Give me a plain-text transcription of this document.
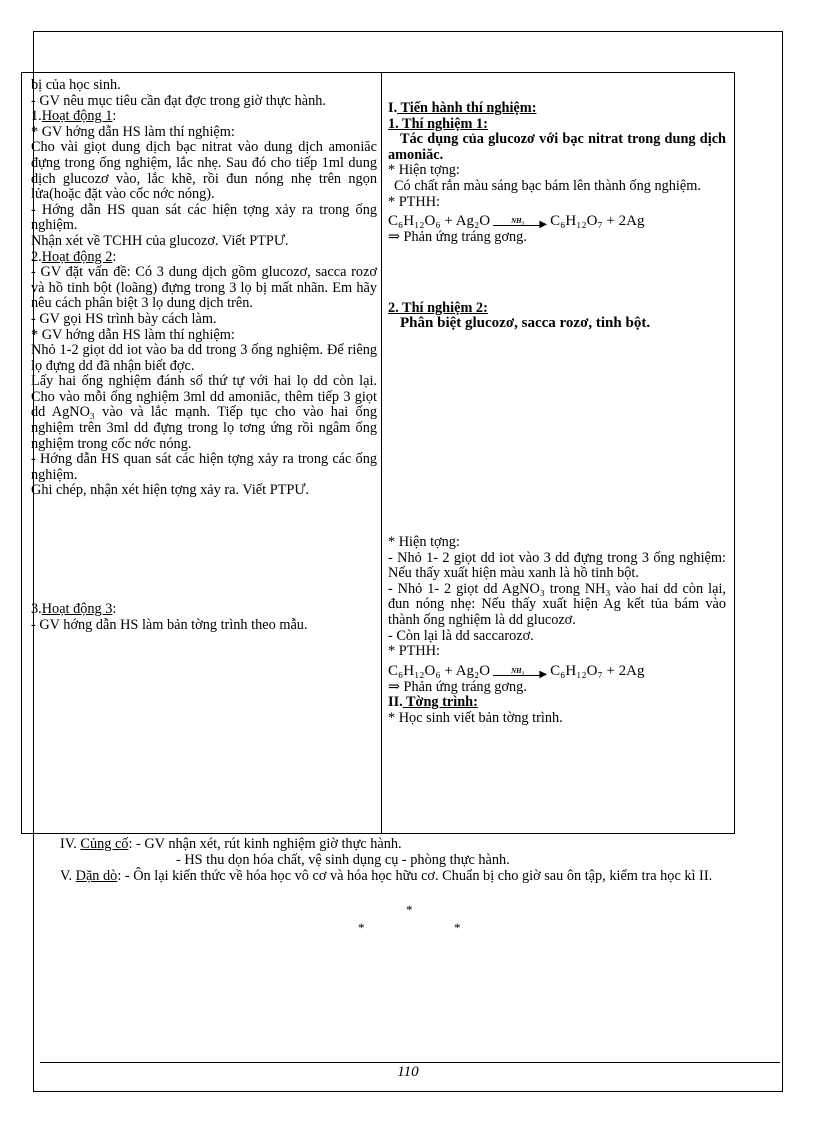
bị của học sinh.

- GV nêu mục tiêu cần đạt đợc trong giờ thực hành.

1.Hoạt động 1:

* GV hớng dẫn HS làm thí nghiệm:

Cho vài giọt dung dịch bạc nitrat vào dung dịch amoniăc đựng trong ống nghiệm, lắc nhẹ. Sau đó cho tiếp 1ml dung dịch glucozơ vào, lắc khẽ, rồi đun nóng nhẹ trên ngọn lửa(hoặc đặt vào cốc nớc nóng).

- Hớng dẫn HS quan sát các hiện tợng xảy ra trong ống nghiệm.

Nhận xét về TCHH của glucozơ. Viết PTPƯ.

2.Hoạt động 2:

- GV đặt vấn đề: Có 3 dung dịch gồm glucozơ, sacca rozơ và hồ tinh bột (loãng) đựng trong 3 lọ bị mất nhãn. Em hãy nêu cách phân biệt 3 lọ dung dịch trên.

- GV gọi HS trình bày cách làm.

* GV hớng dẫn HS làm thí nghiệm:

Nhỏ 1-2 giọt dd iot vào ba dd trong 3 ống nghiệm. Để riêng lọ đựng dd đã nhận biết đợc.

Lấy hai ống nghiệm đánh số thứ tự với hai lọ dd còn lại. Cho vào mỗi ống nghiệm 3ml dd amoniăc, thêm tiếp 3 giọt dd AgNO₃ vào và lắc mạnh. Tiếp tục cho vào hai ống nghiệm trên 3ml dd đựng trong lọ tơng ứng rồi ngâm ống nghiệm trong cốc nớc nóng.

- Hớng dẫn HS quan sát các hiện tợng xảy ra trong các ống nghiệm.

Ghi chép, nhận xét hiện tợng xảy ra. Viết PTPƯ.

3.Hoạt động 3:

- GV hớng dẫn HS làm bản tờng trình theo mẫu.

I. Tiến hành thí nghiệm:

1. Thí nghiệm 1:

Tác dụng của glucozơ với bạc nitrat trong dung dịch amoniăc.

* Hiện tợng:

Có chất rắn màu sáng bạc bám lên thành ống nghiệm.

* PTHH:

C₆H₁₂O₆ + Ag₂O	NH₃ ▶ C₆H₁₂O₇ + 2Ag

⇒ Phản ứng tráng gơng.

2. Thí nghiệm 2:

Phân biệt glucozơ, sacca rozơ, tinh bột.

* Hiện tợng:

- Nhỏ 1- 2 giọt dd iot vào 3 dd đựng trong 3 ống nghiệm: Nếu thấy xuất hiện màu xanh là hồ tinh bột.

- Nhỏ 1- 2 giọt dd AgNO₃ trong NH₃ vào hai dd còn lại, đun nóng nhẹ: Nếu thấy xuất hiện Ag kết tủa bám vào thành ống nghiệm là dd glucozơ.

- Còn lại là dd saccarozơ.

* PTHH:

C₆H₁₂O₆ + Ag₂O	NH₃ ▶ C₆H₁₂O₇ + 2Ag

⇒ Phản ứng tráng gơng.

II. Tờng trình:

* Học sinh viết bản tờng trình.

IV. Củng cố: - GV nhận xét, rút kinh nghiệm giờ thực hành.

- HS thu dọn hóa chất, vệ sinh dụng cụ - phòng thực hành.

V. Dặn dò: - Ôn lại kiến thức về hóa học vô cơ và hóa học hữu cơ. Chuẩn bị cho giờ sau ôn tập, kiểm tra học kì II.

*
*	*
110
